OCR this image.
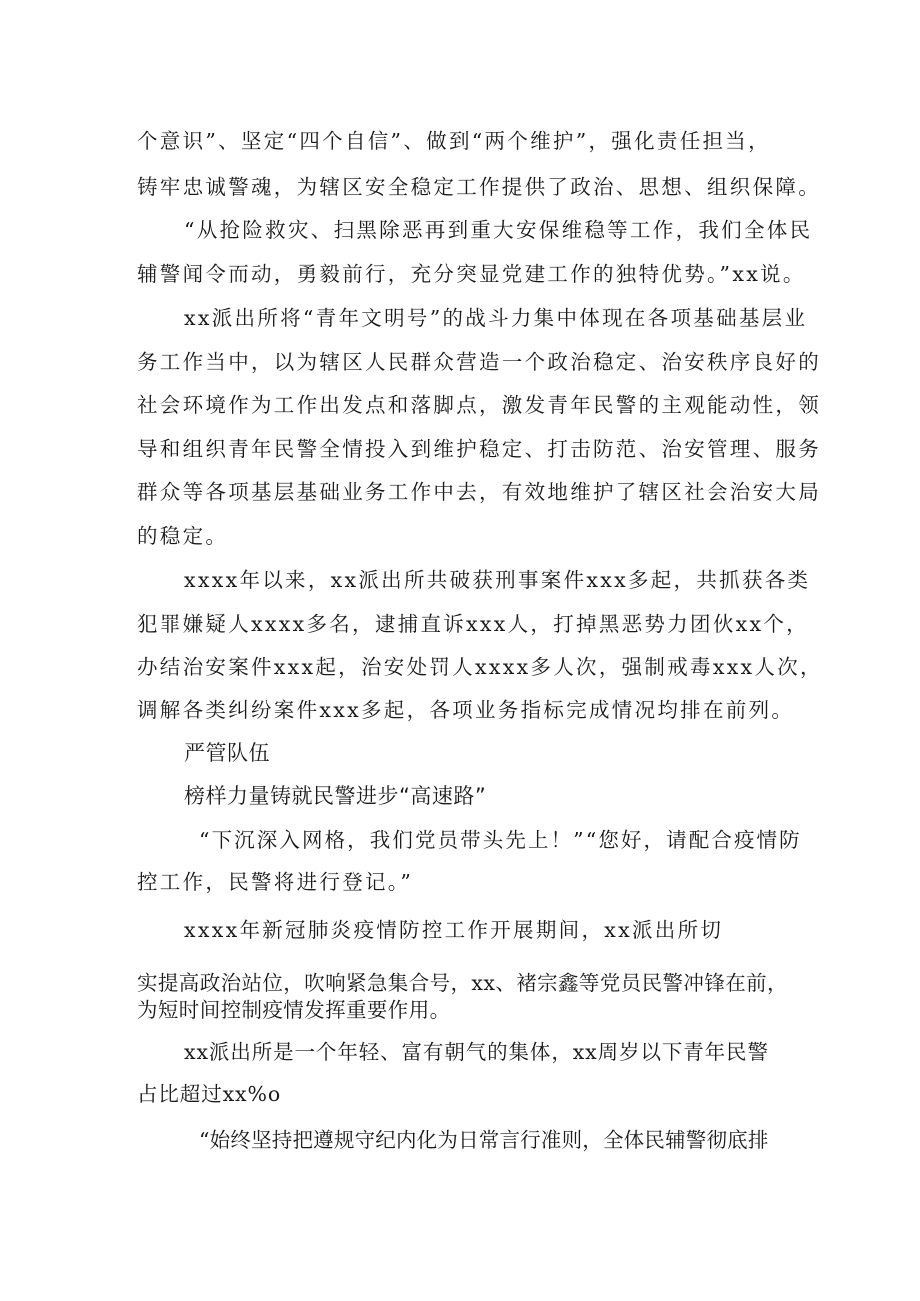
个意识”、坚定“四个自信”、做到“两个维护”，强化责任担当，
铸牢忠诚警魂，为辖区安全稳定工作提供了政治、思想、组织保障。
“从抢险救灾、扫黑除恶再到重大安保维稳等工作，我们全体民
辅警闻令而动，勇毅前行，充分突显党建工作的独特优势。”xx说。
xx派出所将“青年文明号”的战斗力集中体现在各项基础基层业
务工作当中，以为辖区人民群众营造一个政治稳定、治安秩序良好的
社会环境作为工作出发点和落脚点，激发青年民警的主观能动性，领
导和组织青年民警全情投入到维护稳定、打击防范、治安管理、服务
群众等各项基层基础业务工作中去，有效地维护了辖区社会治安大局
的稳定。
xxxx年以来，xx派出所共破获刑事案件xxx多起，共抓获各类
犯罪嫌疑人xxxx多名，逮捕直诉xxx人，打掉黑恶势力团伙xx个，
办结治安案件xxx起，治安处罚人xxxx多人次，强制戒毒xxx人次，
调解各类纠纷案件xxx多起，各项业务指标完成情况均排在前列。
严管队伍
榜样力量铸就民警进步“高速路”
“下沉深入网格，我们党员带头先上！”“您好，请配合疫情防
控工作，民警将进行登记。”
xxxx年新冠肺炎疫情防控工作开展期间，xx派出所切
实提高政治站位，吹响紧急集合号，xx、褚宗鑫等党员民警冲锋在前，
为短时间控制疫情发挥重要作用。
xx派出所是一个年轻、富有朝气的集体，xx周岁以下青年民警
占比超过xx%o
“始终坚持把遵规守纪内化为日常言行准则，全体民辅警彻底排
